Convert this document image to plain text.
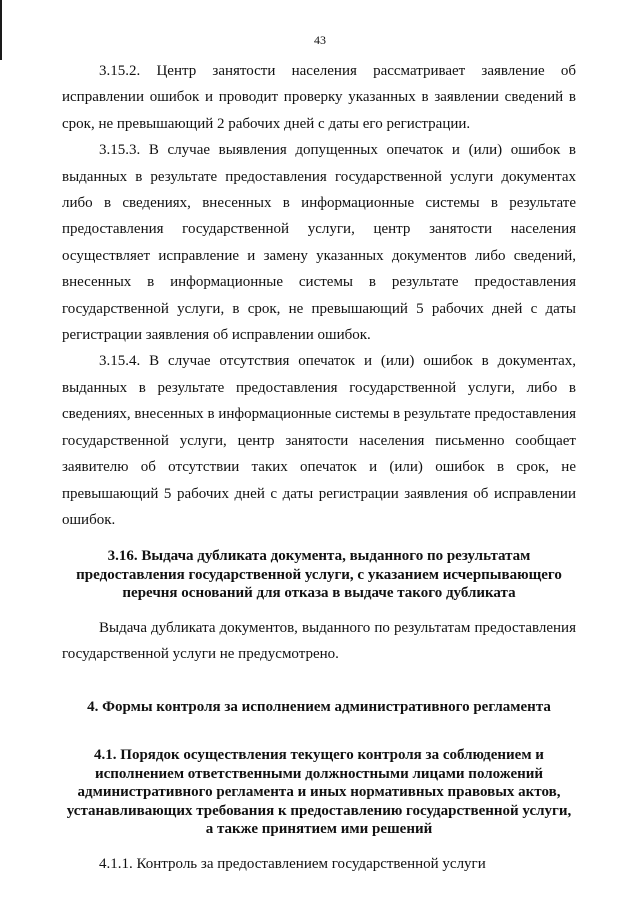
43

3.15.2. Центр занятости населения рассматривает заявление об исправлении ошибок и проводит проверку указанных в заявлении сведений в срок, не превышающий 2 рабочих дней с даты его регистрации.

3.15.3. В случае выявления допущенных опечаток и (или) ошибок в выданных в результате предоставления государственной услуги документах либо в сведениях, внесенных в информационные системы в результате предоставления государственной услуги, центр занятости населения осуществляет исправление и замену указанных документов либо сведений, внесенных в информационные системы в результате предоставления государственной услуги, в срок, не превышающий 5 рабочих дней с даты регистрации заявления об исправлении ошибок.

3.15.4. В случае отсутствия опечаток и (или) ошибок в документах, выданных в результате предоставления государственной услуги, либо в сведениях, внесенных в информационные системы в результате предоставления государственной услуги, центр занятости населения письменно сообщает заявителю об отсутствии таких опечаток и (или) ошибок в срок, не превышающий 5 рабочих дней с даты регистрации заявления об исправлении ошибок.

3.16. Выдача дубликата документа, выданного по результатам
предоставления государственной услуги, с указанием исчерпывающего
перечня оснований для отказа в выдаче такого дубликата

Выдача дубликата документов, выданного по результатам предоставления государственной услуги не предусмотрено.

4. Формы контроля за исполнением административного регламента
4.1. Порядок осуществления текущего контроля за соблюдением и
исполнением ответственными должностными лицами положений
административного регламента и иных нормативных правовых актов,
устанавливающих требования к предоставлению государственной услуги,
а также принятием ими решений

4.1.1. Контроль за предоставлением государственной услуги
